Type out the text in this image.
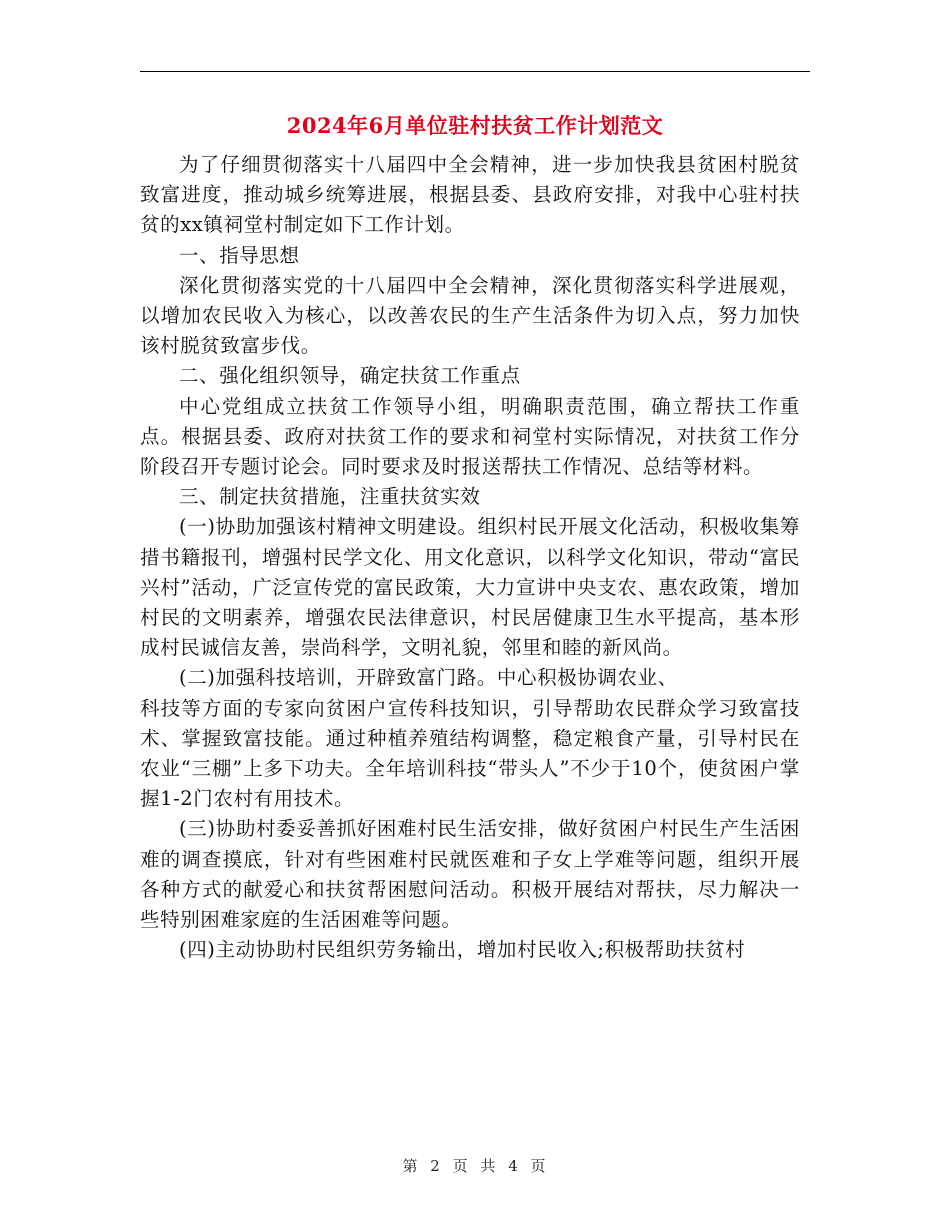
2024年6月单位驻村扶贫工作计划范文

为了仔细贯彻落实十八届四中全会精神，进一步加快我县贫困村脱贫致富进度，推动城乡统筹进展，根据县委、县政府安排，对我中心驻村扶贫的xx镇祠堂村制定如下工作计划。

一、指导思想

深化贯彻落实党的十八届四中全会精神，深化贯彻落实科学进展观，以增加农民收入为核心，以改善农民的生产生活条件为切入点，努力加快该村脱贫致富步伐。

二、强化组织领导，确定扶贫工作重点

中心党组成立扶贫工作领导小组，明确职责范围，确立帮扶工作重点。根据县委、政府对扶贫工作的要求和祠堂村实际情况，对扶贫工作分阶段召开专题讨论会。同时要求及时报送帮扶工作情况、总结等材料。

三、制定扶贫措施，注重扶贫实效

(一)协助加强该村精神文明建设。组织村民开展文化活动，积极收集筹措书籍报刊，增强村民学文化、用文化意识，以科学文化知识，带动“富民兴村”活动，广泛宣传党的富民政策，大力宣讲中央支农、惠农政策，增加村民的文明素养，增强农民法律意识，村民居健康卫生水平提高，基本形成村民诚信友善，崇尚科学，文明礼貌，邻里和睦的新风尚。

(二)加强科技培训，开辟致富门路。中心积极协调农业、

科技等方面的专家向贫困户宣传科技知识，引导帮助农民群众学习致富技术、掌握致富技能。通过种植养殖结构调整，稳定粮食产量，引导村民在农业“三棚”上多下功夫。全年培训科技“带头人”不少于10个，使贫困户掌握1-2门农村有用技术。

(三)协助村委妥善抓好困难村民生活安排，做好贫困户村民生产生活困难的调查摸底，针对有些困难村民就医难和子女上学难等问题，组织开展各种方式的献爱心和扶贫帮困慰问活动。积极开展结对帮扶，尽力解决一些特别困难家庭的生活困难等问题。

(四)主动协助村民组织劳务输出，增加村民收入;积极帮助扶贫村

第 2 页 共 4 页
